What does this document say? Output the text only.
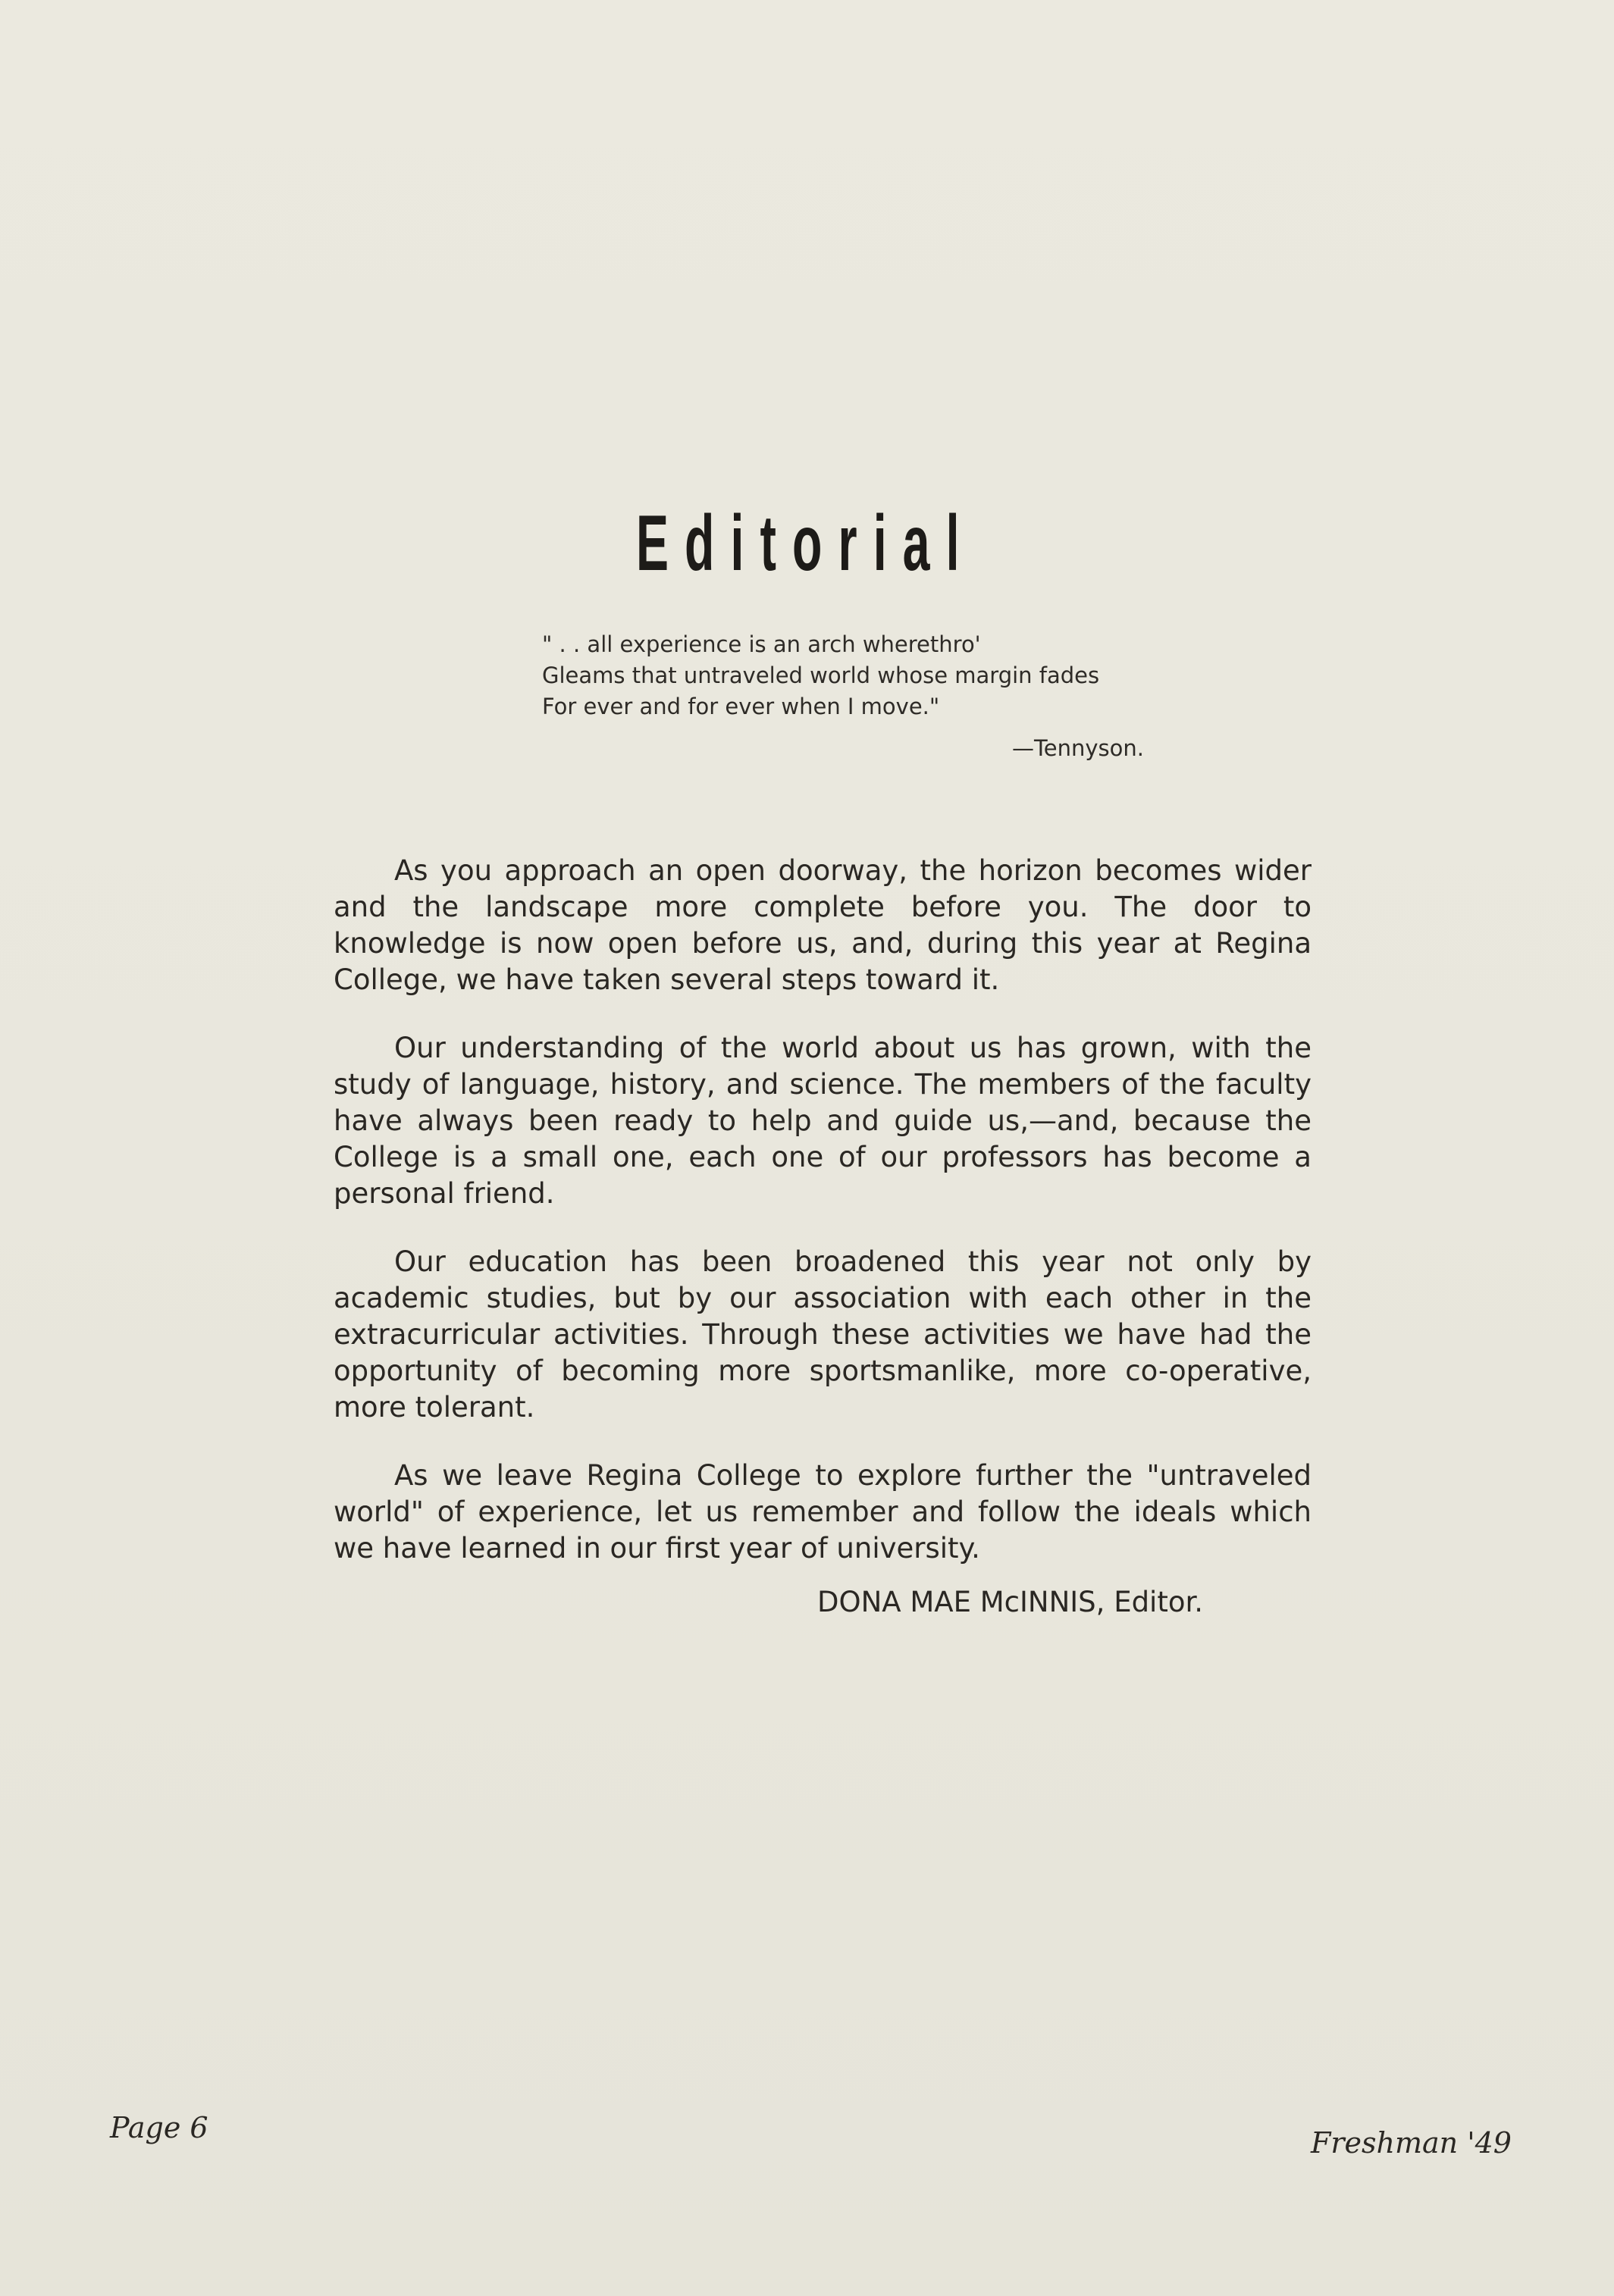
Editorial
" . . all experience is an arch wherethro'
Gleams that untraveled world whose margin fades
For ever and for ever when I move."
—Tennyson.

As you approach an open doorway, the horizon becomes wider and the landscape more complete before you. The door to knowledge is now open before us, and, during this year at Regina College, we have taken several steps toward it.

Our understanding of the world about us has grown, with the study of language, history, and science. The members of the faculty have always been ready to help and guide us,—and, because the College is a small one, each one of our professors has become a personal friend.

Our education has been broadened this year not only by academic studies, but by our association with each other in the extracurricular activities. Through these activities we have had the opportunity of becoming more sportsmanlike, more co-operative, more tolerant.

As we leave Regina College to explore further the "untraveled world" of experience, let us remember and follow the ideals which we have learned in our first year of university.

DONA MAE McINNIS, Editor.
Page 6	Freshman '49
